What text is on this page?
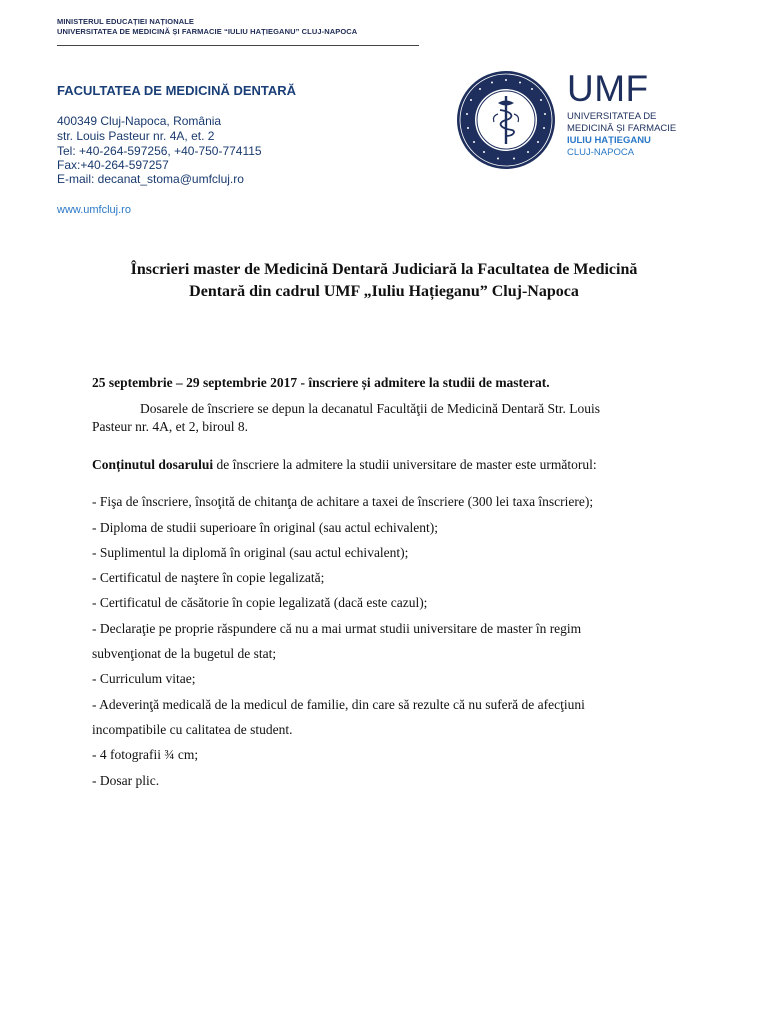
MINISTERUL EDUCAȚIEI NAȚIONALE
UNIVERSITATEA DE MEDICINĂ ȘI FARMACIE “IULIU HAȚIEGANU” CLUJ-NAPOCA
FACULTATEA DE MEDICINĂ DENTARĂ
400349 Cluj-Napoca, România
str. Louis Pasteur nr. 4A, et. 2
Tel: +40-264-597256, +40-750-774115
Fax:+40-264-597257
E-mail: decanat_stoma@umfcluj.ro
www.umfcluj.ro
UMF
UNIVERSITATEA DE
MEDICINĂ ȘI FARMACIE
IULIU HAȚIEGANU
CLUJ-NAPOCA
Înscrieri master de Medicină Dentară Judiciară la Facultatea de Medicină
Dentară din cadrul UMF „Iuliu Hațieganu” Cluj-Napoca
25 septembrie – 29 septembrie 2017 - înscriere și admitere la studii de masterat.
Dosarele de înscriere se depun la decanatul Facultăţii de Medicină Dentară Str. Louis
Pasteur nr. 4A, et 2, biroul 8.
Conținutul dosarului de înscriere la admitere la studii universitare de master este următorul:
- Fişa de înscriere, însoţită de chitanţa de achitare a taxei de înscriere (300 lei taxa înscriere);
- Diploma de studii superioare în original (sau actul echivalent);
- Suplimentul la diplomă în original (sau actul echivalent);
- Certificatul de naştere în copie legalizată;
- Certificatul de căsătorie în copie legalizată (dacă este cazul);
- Declaraţie pe proprie răspundere că nu a mai urmat studii universitare de master în regim
subvenţionat de la bugetul de stat;
- Curriculum vitae;
- Adeverinţă medicală de la medicul de familie, din care să rezulte că nu suferă de afecţiuni
incompatibile cu calitatea de student.
- 4 fotografii ¾ cm;
- Dosar plic.
